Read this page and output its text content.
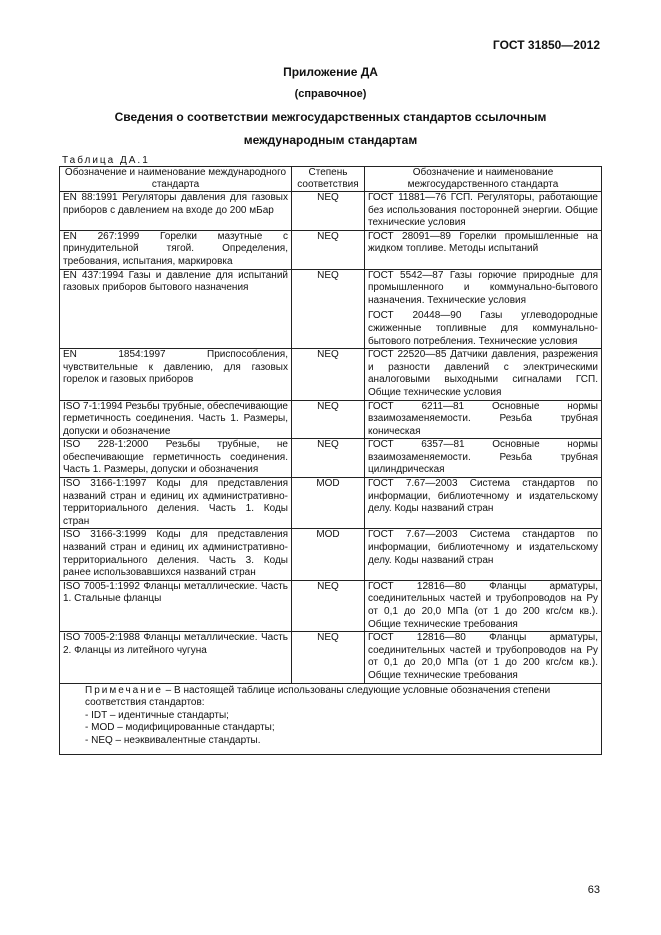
ГОСТ 31850—2012
Приложение ДА
(справочное)
Сведения о соответствии межгосударственных стандартов ссылочным
международным стандартам
Таблица ДА.1
Обозначение и наименование международного стандарта	Степень соответствия	Обозначение и наименование межгосударственного стандарта
EN 88:1991 Регуляторы давления для газовых приборов с давлением на входе до 200 мБар	NEQ	ГОСТ 11881—76 ГСП. Регуляторы, работающие без использования посторонней энергии. Общие технические условия
EN 267:1999 Горелки мазутные с принудительной тягой. Определения, требования, испытания, маркировка	NEQ	ГОСТ 28091—89 Горелки промышленные на жидком топливе. Методы испытаний
EN 437:1994 Газы и давление для испытаний газовых приборов бытового назначения	NEQ	ГОСТ 5542—87 Газы горючие природные для промышленного и коммунально-бытового назначения. Технические условия
ГОСТ 20448—90 Газы углеводородные сжиженные топливные для коммунально-бытового потребления. Технические условия

EN 1854:1997 Приспособления, чувствительные к давлению, для газовых горелок и газовых приборов	NEQ	ГОСТ 22520—85 Датчики давления, разрежения и разности давлений с электрическими аналоговыми выходными сигналами ГСП. Общие технические условия
ISO 7-1:1994 Резьбы трубные, обеспечивающие герметичность соединения. Часть 1. Размеры, допуски и обозначение	NEQ	ГОСТ 6211—81 Основные нормы взаимозаменяемости. Резьба трубная коническая
ISO 228-1:2000 Резьбы трубные, не обеспечивающие герметичность соединения. Часть 1. Размеры, допуски и обозначения	NEQ	ГОСТ 6357—81 Основные нормы взаимозаменяемости. Резьба трубная цилиндрическая
ISO 3166-1:1997 Коды для представления названий стран и единиц их административно-территориального деления. Часть 1. Коды стран	MOD	ГОСТ 7.67—2003 Система стандартов по информации, библиотечному и издательскому делу. Коды названий стран
ISO 3166-3:1999 Коды для представления названий стран и единиц их административно-территориального деления. Часть 3. Коды ранее использовавшихся названий стран	MOD	ГОСТ 7.67—2003 Система стандартов по информации, библиотечному и издательскому делу. Коды названий стран
ISO 7005-1:1992 Фланцы металлические. Часть 1. Стальные фланцы	NEQ	ГОСТ 12816—80 Фланцы арматуры, соединительных частей и трубопроводов на Pу от 0,1 до 20,0 МПа (от 1 до 200 кгс/см кв.). Общие технические требования
ISO 7005-2:1988 Фланцы металлические. Часть 2. Фланцы из литейного чугуна	NEQ	ГОСТ 12816—80 Фланцы арматуры, соединительных частей и трубопроводов на Pу от 0,1 до 20,0 МПа (от 1 до 200 кгс/см кв.). Общие технические требования

Примечание – В настоящей таблице использованы следующие условные обозначения степени соответствия стандартов:
- IDT – идентичные стандарты;
- MOD – модифицированные стандарты;
- NEQ – неэквивалентные стандарты.		
63
